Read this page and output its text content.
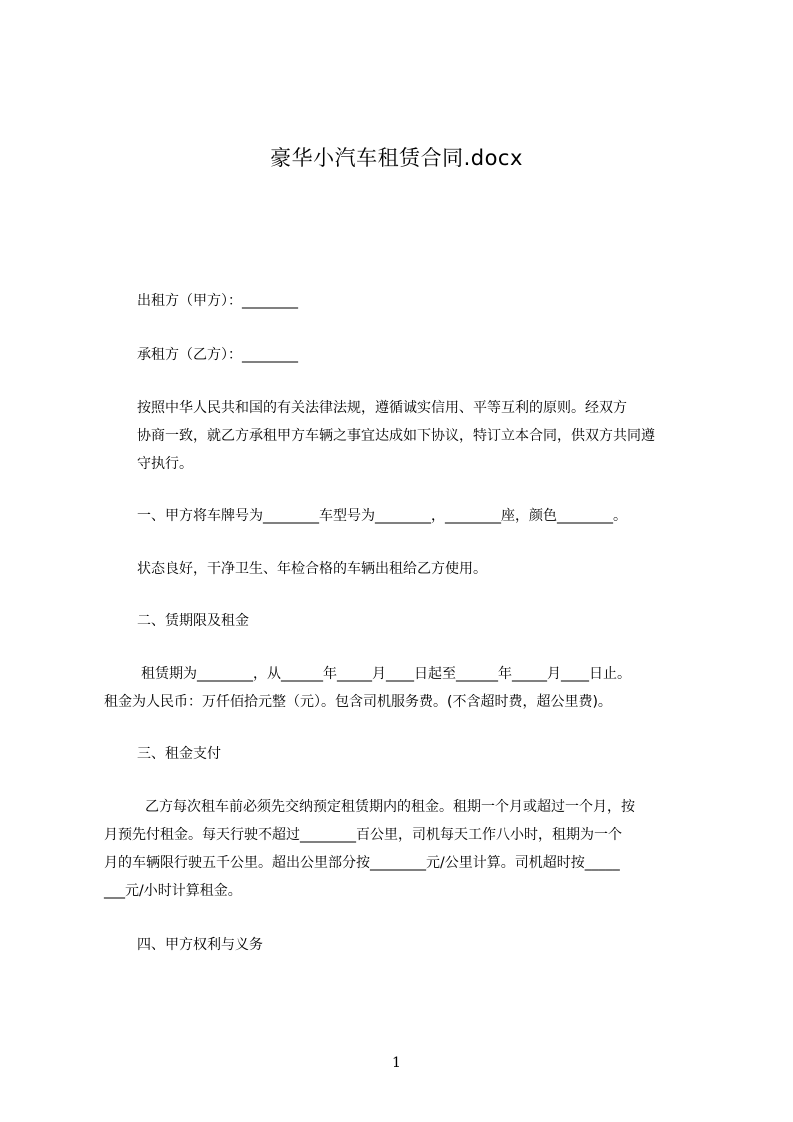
豪华小汽车租赁合同.docx
出租方（甲方）：________
承租方（乙方）：________
按照中华人民共和国的有关法律法规，遵循诚实信用、平等互利的原则。经双方
协商一致，就乙方承租甲方车辆之事宜达成如下协议，特订立本合同，供双方共同遵
守执行。
一、甲方将车牌号为________车型号为________，________座，颜色________。
状态良好，干净卫生、年检合格的车辆出租给乙方使用。
二、赁期限及租金
租赁期为________，从______年_____月____日起至______年_____月____日止。
租金为人民币：万仟佰拾元整（元）。包含司机服务费。(不含超时费，超公里费)。
三、租金支付
乙方每次租车前必须先交纳预定租赁期内的租金。租期一个月或超过一个月，按
月预先付租金。每天行驶不超过________百公里，司机每天工作八小时，租期为一个
月的车辆限行驶五千公里。超出公里部分按________元/公里计算。司机超时按_____
___元/小时计算租金。
四、甲方权利与义务
1
